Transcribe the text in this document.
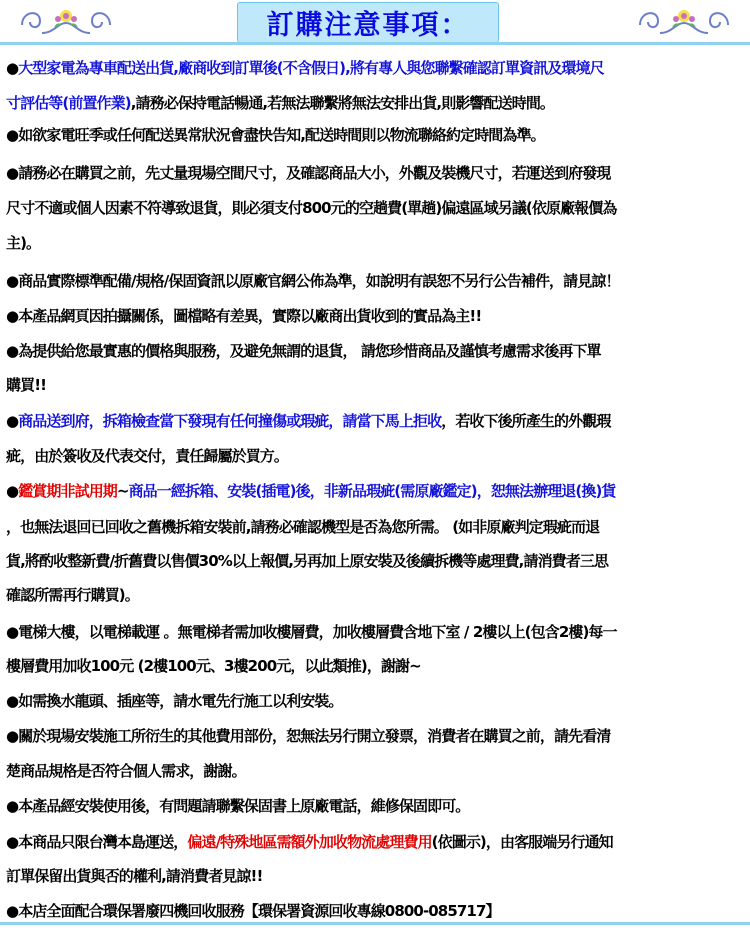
訂購注意事項：
●大型家電為專車配送出貨,廠商收到訂單後(不含假日),將有專人與您聯繫確認訂單資訊及環境尺
寸評估等(前置作業),請務必保持電話暢通,若無法聯繫將無法安排出貨,則影響配送時間。
●如欲家電旺季或任何配送異常狀況會盡快告知,配送時間則以物流聯絡約定時間為準。
●請務必在購買之前，先丈量現場空間尺寸，及確認商品大小，外觀及裝機尺寸，若運送到府發現
尺寸不適或個人因素不符導致退貨，則必須支付800元的空趟費(單趟)偏遠區域另議(依原廠報價為
主)。
●商品實際標準配備/規格/保固資訊以原廠官網公佈為準，如說明有誤恕不另行公告補件，請見諒！
●本產品網頁因拍攝關係，圖檔略有差異，實際以廠商出貨收到的實品為主!!
●為提供給您最實惠的價格與服務，及避免無謂的退貨， 請您珍惜商品及謹慎考慮需求後再下單
購買!!
●商品送到府，拆箱檢查當下發現有任何撞傷或瑕疵，請當下馬上拒收，若收下後所產生的外觀瑕
疵，由於簽收及代表交付，責任歸屬於買方。
●鑑賞期非試用期~商品一經拆箱、安裝(插電)後，非新品瑕疵(需原廠鑑定)，恕無法辦理退(換)貨
，也無法退回已回收之舊機拆箱安裝前,請務必確認機型是否為您所需。 (如非原廠判定瑕疵而退
貨,將酌收整新費/折舊費以售價30%以上報價,另再加上原安裝及後續拆機等處理費,請消費者三思
確認所需再行購買)。
●電梯大樓，以電梯載運 。無電梯者需加收樓層費，加收樓層費含地下室 / 2樓以上(包含2樓)每一
樓層費用加收100元 (2樓100元、3樓200元，以此類推)，謝謝~
●如需換水龍頭、插座等，請水電先行施工以利安裝。
●關於現場安裝施工所衍生的其他費用部份，恕無法另行開立發票，消費者在購買之前，請先看清
楚商品規格是否符合個人需求，謝謝。
●本產品經安裝使用後，有問題請聯繫保固書上原廠電話，維修保固即可。
●本商品只限台灣本島運送，偏遠/特殊地區需額外加收物流處理費用(依圖示)，由客服端另行通知
訂單保留出貨與否的權利,請消費者見諒!!
●本店全面配合環保署廢四機回收服務【環保署資源回收專線0800-085717】
